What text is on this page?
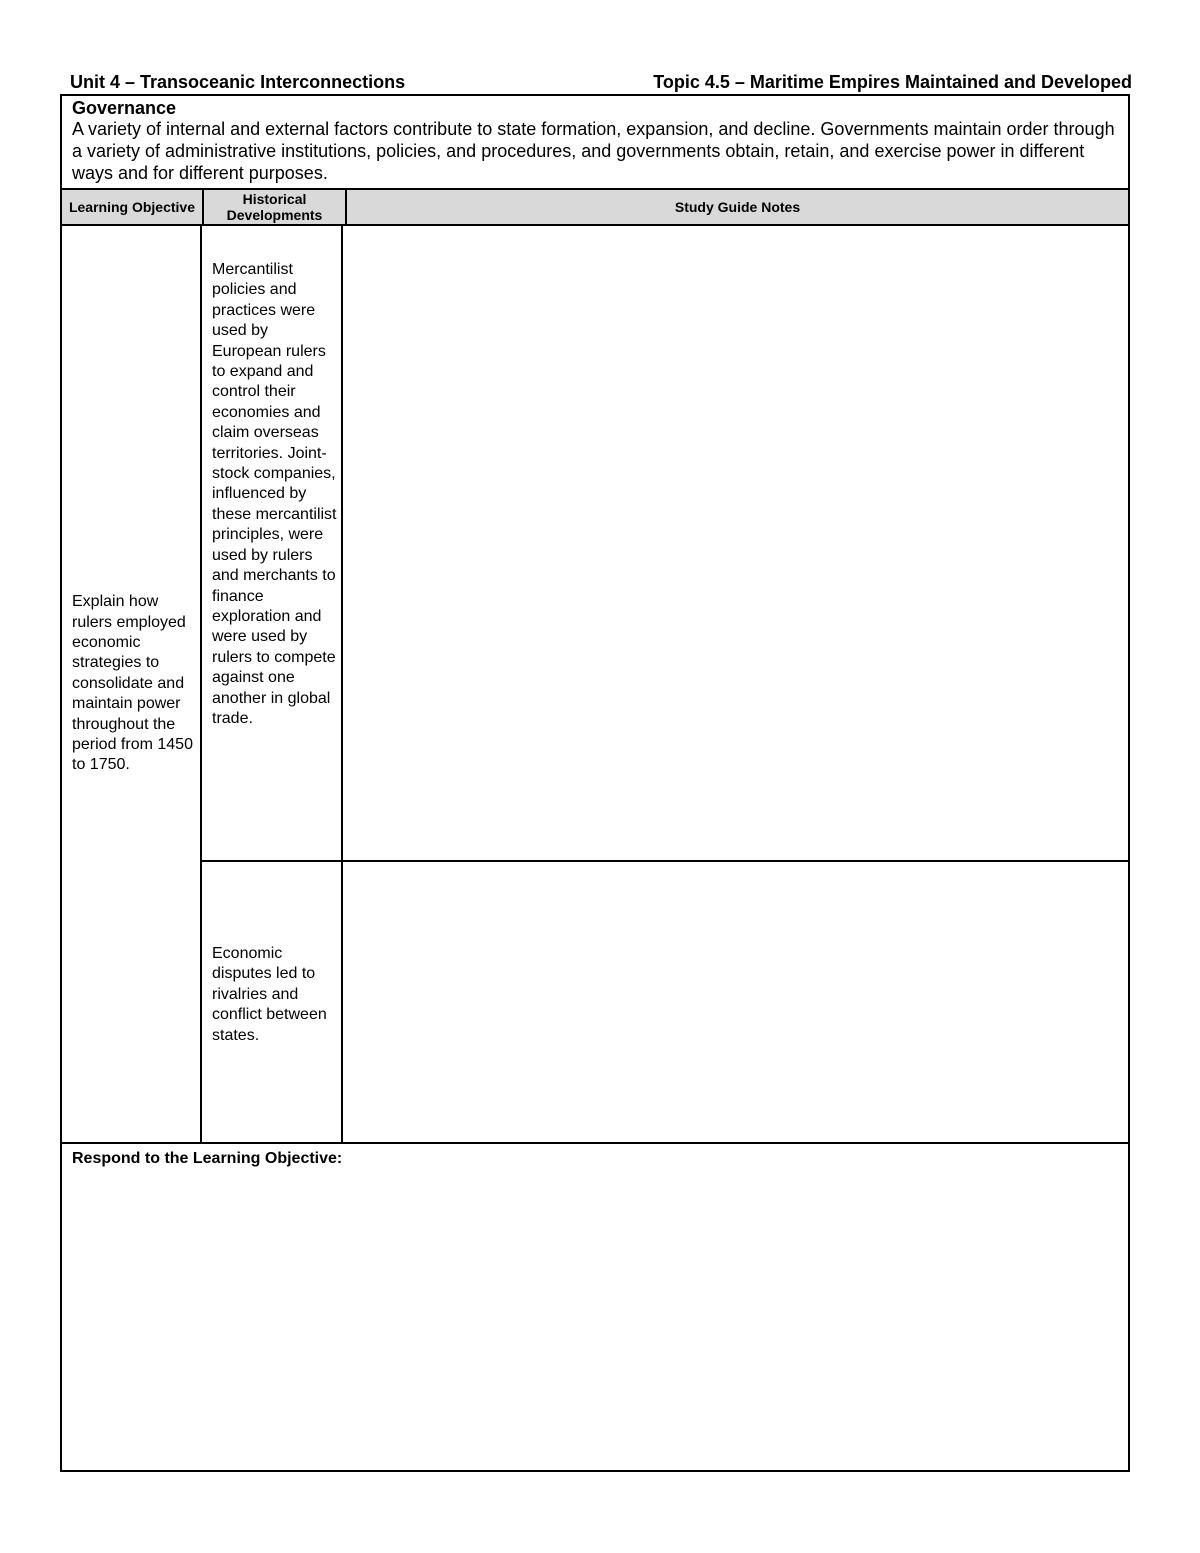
Unit 4 – Transoceanic Interconnections	Topic 4.5 – Maritime Empires Maintained and Developed
Governance
A variety of internal and external factors contribute to state formation, expansion, and decline. Governments maintain order through a variety of administrative institutions, policies, and procedures, and governments obtain, retain, and exercise power in different ways and for different purposes.
Learning Objective	Historical Developments	Study Guide Notes
Explain how rulers employed economic strategies to consolidate and maintain power throughout the period from 1450 to 1750.
Mercantilist policies and practices were used by European rulers to expand and control their economies and claim overseas territories. Joint-stock companies, influenced by these mercantilist principles, were used by rulers and merchants to finance exploration and were used by rulers to compete against one another in global trade.
Economic disputes led to rivalries and conflict between states.
Respond to the Learning Objective:
